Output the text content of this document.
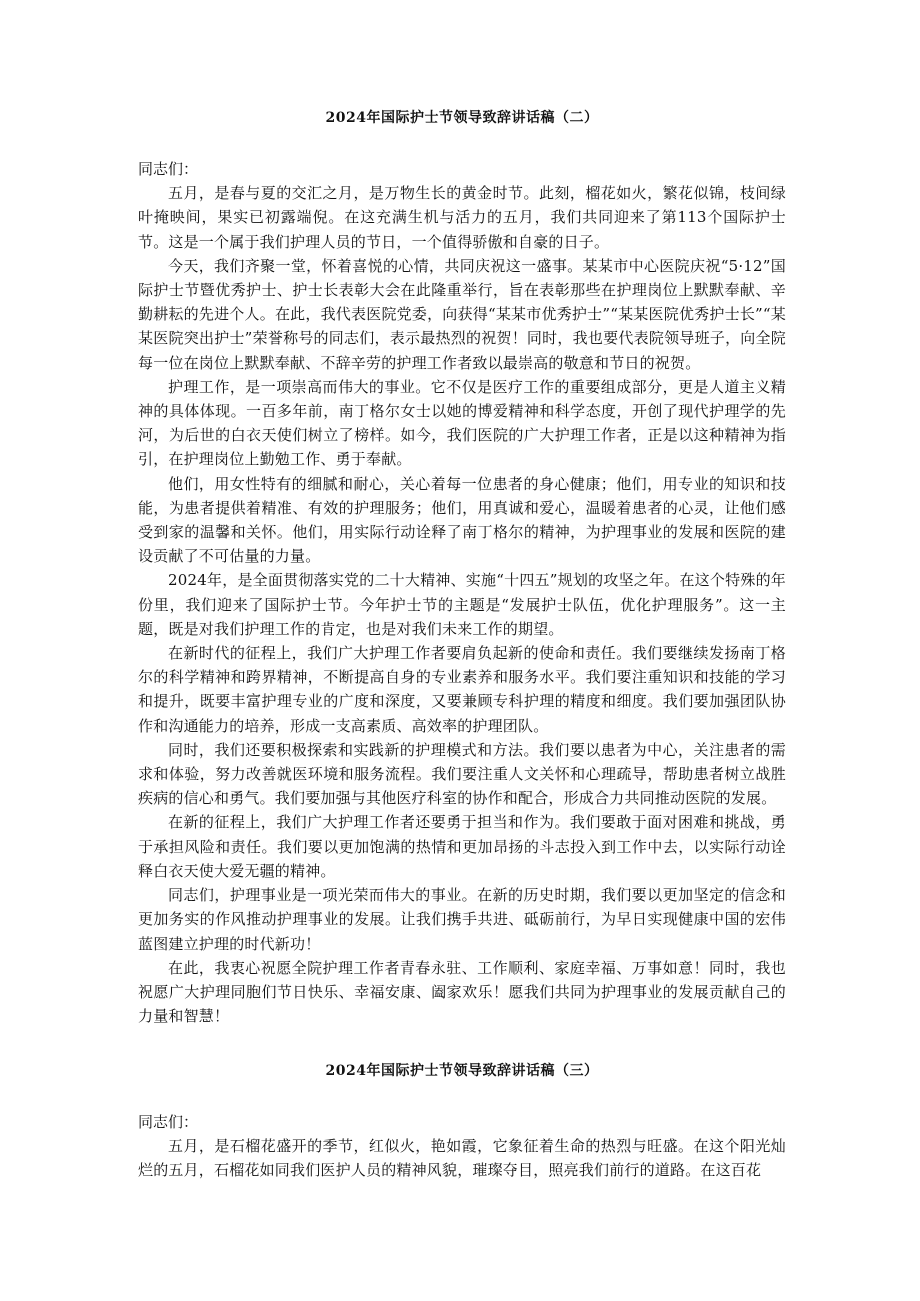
2024年国际护士节领导致辞讲话稿（二）

同志们：

五月，是春与夏的交汇之月，是万物生长的黄金时节。此刻，榴花如火，繁花似锦，枝间绿叶掩映间，果实已初露端倪。在这充满生机与活力的五月，我们共同迎来了第113个国际护士节。这是一个属于我们护理人员的节日，一个值得骄傲和自豪的日子。

今天，我们齐聚一堂，怀着喜悦的心情，共同庆祝这一盛事。某某市中心医院庆祝“5·12”国际护士节暨优秀护士、护士长表彰大会在此隆重举行，旨在表彰那些在护理岗位上默默奉献、辛勤耕耘的先进个人。在此，我代表医院党委，向获得“某某市优秀护士”“某某医院优秀护士长”“某某医院突出护士”荣誉称号的同志们，表示最热烈的祝贺！同时，我也要代表院领导班子，向全院每一位在岗位上默默奉献、不辞辛劳的护理工作者致以最崇高的敬意和节日的祝贺。

护理工作，是一项崇高而伟大的事业。它不仅是医疗工作的重要组成部分，更是人道主义精神的具体体现。一百多年前，南丁格尔女士以她的博爱精神和科学态度，开创了现代护理学的先河，为后世的白衣天使们树立了榜样。如今，我们医院的广大护理工作者，正是以这种精神为指引，在护理岗位上勤勉工作、勇于奉献。

他们，用女性特有的细腻和耐心，关心着每一位患者的身心健康；他们，用专业的知识和技能，为患者提供着精准、有效的护理服务；他们，用真诚和爱心，温暖着患者的心灵，让他们感受到家的温馨和关怀。他们，用实际行动诠释了南丁格尔的精神，为护理事业的发展和医院的建设贡献了不可估量的力量。

2024年，是全面贯彻落实党的二十大精神、实施“十四五”规划的攻坚之年。在这个特殊的年份里，我们迎来了国际护士节。今年护士节的主题是“发展护士队伍，优化护理服务”。这一主题，既是对我们护理工作的肯定，也是对我们未来工作的期望。

在新时代的征程上，我们广大护理工作者要肩负起新的使命和责任。我们要继续发扬南丁格尔的科学精神和跨界精神，不断提高自身的专业素养和服务水平。我们要注重知识和技能的学习和提升，既要丰富护理专业的广度和深度，又要兼顾专科护理的精度和细度。我们要加强团队协作和沟通能力的培养，形成一支高素质、高效率的护理团队。

同时，我们还要积极探索和实践新的护理模式和方法。我们要以患者为中心，关注患者的需求和体验，努力改善就医环境和服务流程。我们要注重人文关怀和心理疏导，帮助患者树立战胜疾病的信心和勇气。我们要加强与其他医疗科室的协作和配合，形成合力共同推动医院的发展。

在新的征程上，我们广大护理工作者还要勇于担当和作为。我们要敢于面对困难和挑战，勇于承担风险和责任。我们要以更加饱满的热情和更加昂扬的斗志投入到工作中去，以实际行动诠释白衣天使大爱无疆的精神。

同志们，护理事业是一项光荣而伟大的事业。在新的历史时期，我们要以更加坚定的信念和更加务实的作风推动护理事业的发展。让我们携手共进、砥砺前行，为早日实现健康中国的宏伟蓝图建立护理的时代新功！

在此，我衷心祝愿全院护理工作者青春永驻、工作顺利、家庭幸福、万事如意！同时，我也祝愿广大护理同胞们节日快乐、幸福安康、阖家欢乐！愿我们共同为护理事业的发展贡献自己的力量和智慧！

2024年国际护士节领导致辞讲话稿（三）

同志们：

五月，是石榴花盛开的季节，红似火，艳如霞，它象征着生命的热烈与旺盛。在这个阳光灿烂的五月，石榴花如同我们医护人员的精神风貌，璀璨夺目，照亮我们前行的道路。在这百花
